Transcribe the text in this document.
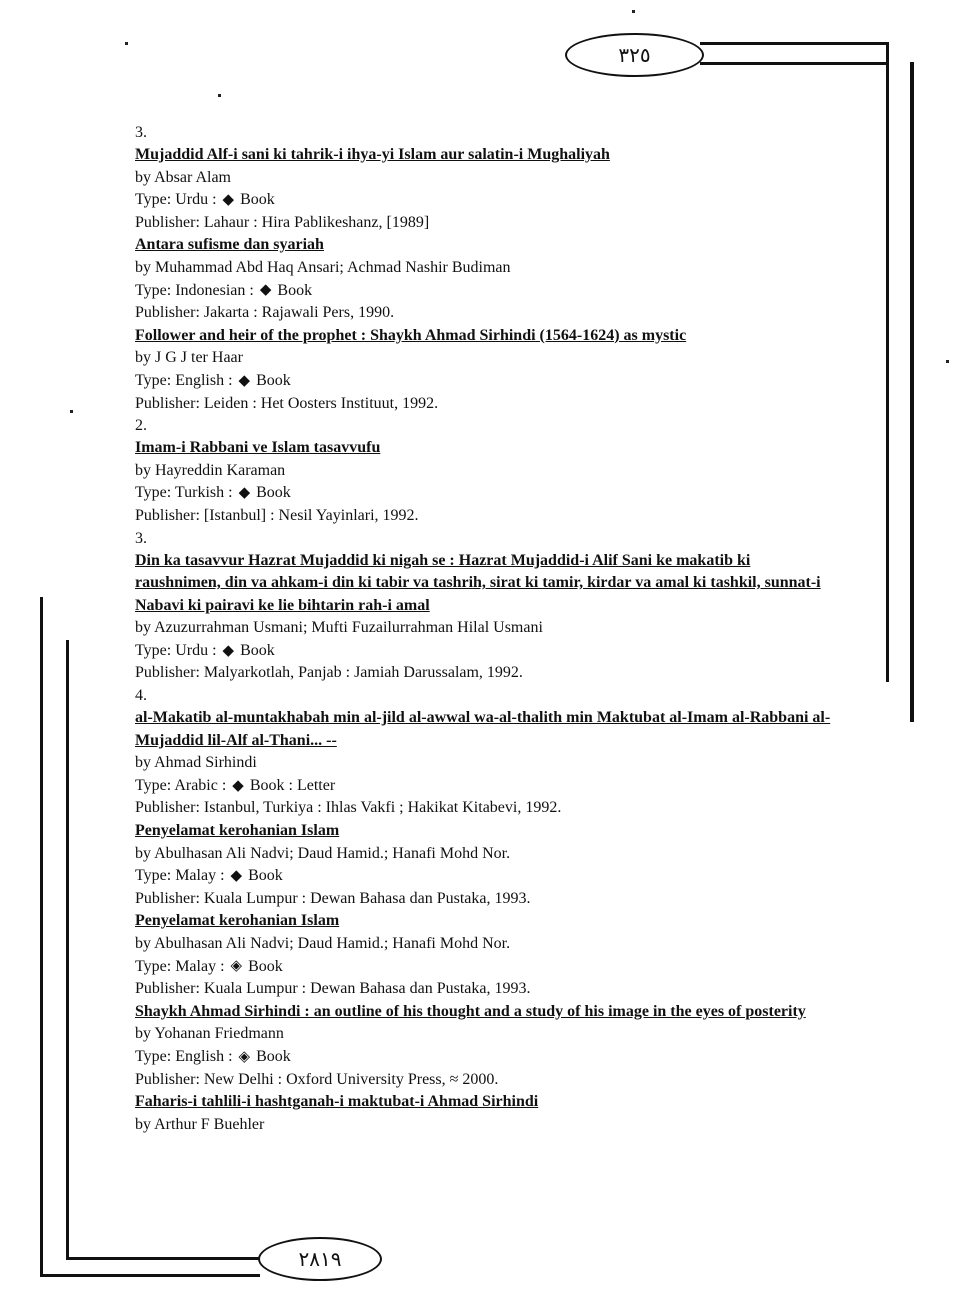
٣٢٥
٢٨١٩
3.

Mujaddid Alf-i sani ki tahrik-i ihya-yi Islam aur salatin-i Mughaliyah

by Absar Alam

Type: Urdu : ◆ Book

Publisher: Lahaur : Hira Pablikeshanz, [1989]

Antara sufisme dan syariah

by Muhammad Abd Haq Ansari; Achmad Nashir Budiman

Type: Indonesian : ◆ Book

Publisher: Jakarta : Rajawali Pers, 1990.

Follower and heir of the prophet : Shaykh Ahmad Sirhindi (1564-1624) as mystic

by J G J ter Haar

Type: English : ◆ Book

Publisher: Leiden : Het Oosters Instituut, 1992.

2.

Imam-i Rabbani ve Islam tasavvufu

by Hayreddin Karaman

Type: Turkish : ◆ Book

Publisher: [Istanbul] : Nesil Yayinlari, 1992.

3.

Din ka tasavvur Hazrat Mujaddid ki nigah se : Hazrat Mujaddid-i Alif Sani ke makatib ki raushnimen, din va ahkam-i din ki tabir va tashrih, sirat ki tamir, kirdar va amal ki tashkil, sunnat-i Nabavi ki pairavi ke lie bihtarin rah-i amal

by Azuzurrahman Usmani; Mufti Fuzailurrahman Hilal Usmani

Type: Urdu : ◆ Book

Publisher: Malyarkotlah, Panjab : Jamiah Darussalam, 1992.

4.

al-Makatib al-muntakhabah min al-jild al-awwal wa-al-thalith min Maktubat al-Imam al-Rabbani al-Mujaddid lil-Alf al-Thani... --

by Ahmad Sirhindi

Type: Arabic : ◆ Book : Letter

Publisher: Istanbul, Turkiya : Ihlas Vakfi ; Hakikat Kitabevi, 1992.

Penyelamat kerohanian Islam

by Abulhasan Ali Nadvi; Daud Hamid.; Hanafi Mohd Nor.

Type: Malay : ◆ Book

Publisher: Kuala Lumpur : Dewan Bahasa dan Pustaka, 1993.

Penyelamat kerohanian Islam

by Abulhasan Ali Nadvi; Daud Hamid.; Hanafi Mohd Nor.

Type: Malay : ◈ Book

Publisher: Kuala Lumpur : Dewan Bahasa dan Pustaka, 1993.

Shaykh Ahmad Sirhindi : an outline of his thought and a study of his image in the eyes of posterity

by Yohanan Friedmann

Type: English : ◈ Book

Publisher: New Delhi : Oxford University Press, ≈ 2000.

Faharis-i tahlili-i hashtganah-i maktubat-i Ahmad Sirhindi

by Arthur F Buehler
